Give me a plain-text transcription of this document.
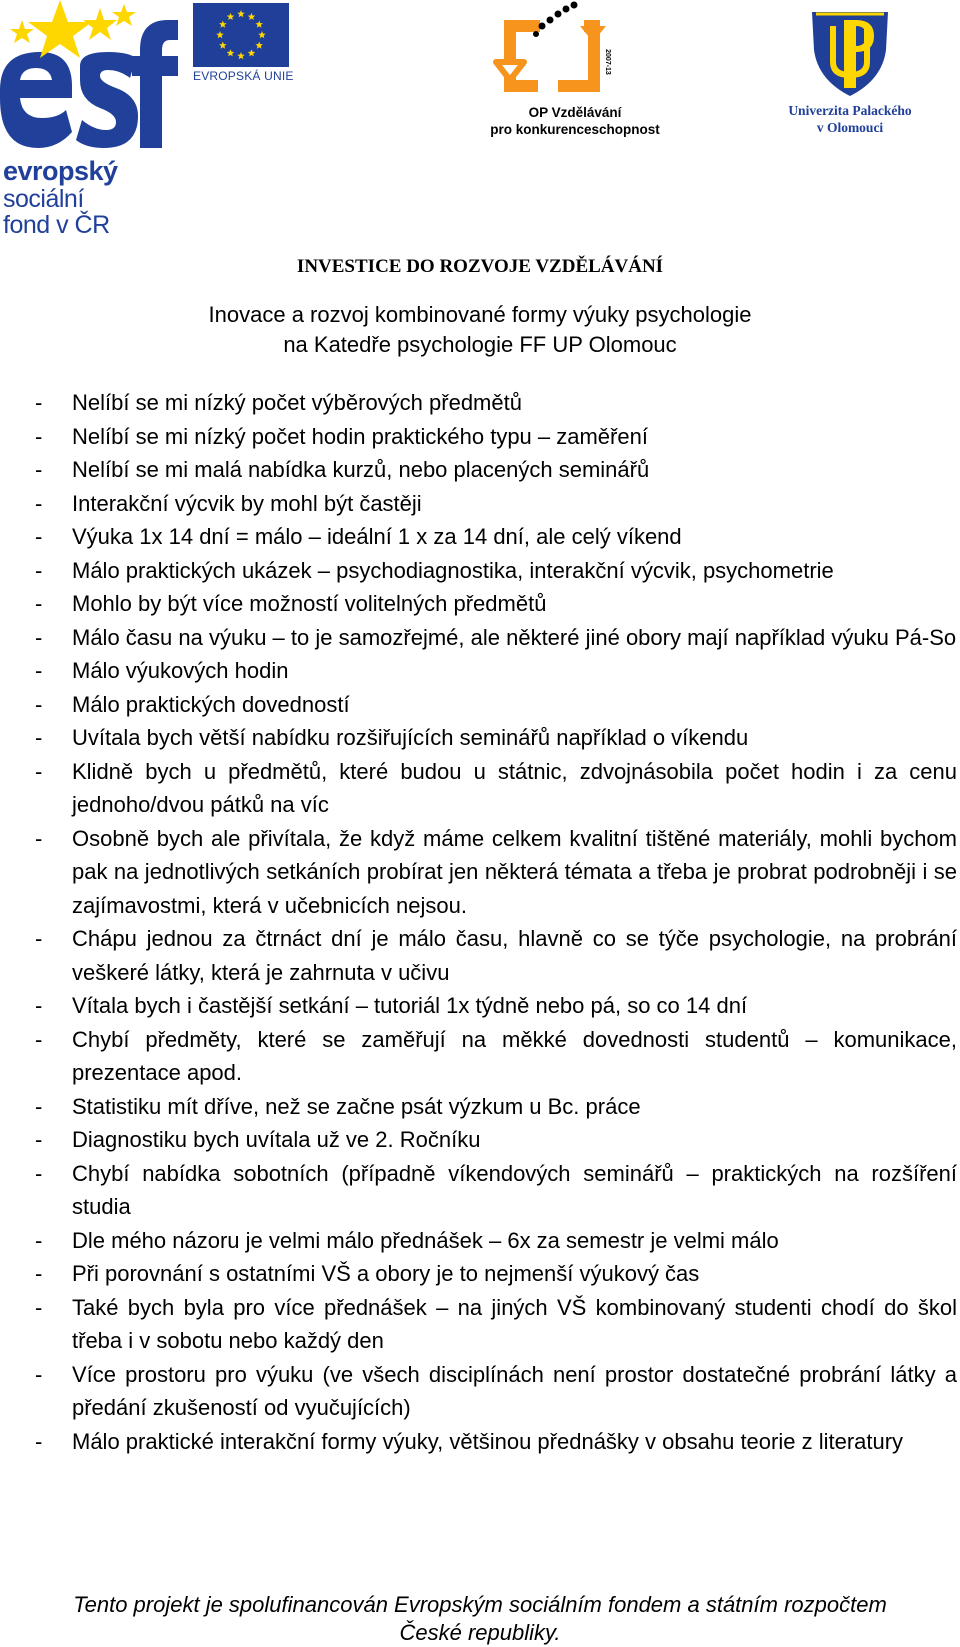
evropský
sociální
fond v ČR
EVROPSKÁ UNIE
2007-13
OP Vzdělávání
pro konkurenceschopnost
Univerzita Palackého
v Olomouci
INVESTICE DO ROZVOJE VZDĚLÁVÁNÍ
Inovace a rozvoj kombinované formy výuky psychologie
na Katedře psychologie FF UP Olomouc
- Nelíbí se mi nízký počet výběrových předmětů
- Nelíbí se mi nízký počet hodin praktického typu – zaměření
- Nelíbí se mi malá nabídka kurzů, nebo placených seminářů
- Interakční výcvik by mohl být častěji
- Výuka 1x 14 dní = málo – ideální 1 x za 14 dní, ale celý víkend
- Málo praktických ukázek – psychodiagnostika, interakční výcvik, psychometrie
- Mohlo by být více možností volitelných předmětů
- Málo času na výuku – to je samozřejmé, ale některé jiné obory mají například výuku Pá-So
- Málo výukových hodin
- Málo praktických dovedností
- Uvítala bych větší nabídku rozšiřujících seminářů například o víkendu
- Klidně bych u předmětů, které budou u státnic, zdvojnásobila počet hodin i za cenu jednoho/dvou pátků na víc
- Osobně bych ale přivítala, že když máme celkem kvalitní tištěné materiály, mohli bychom pak na jednotlivých setkáních probírat jen některá témata a třeba je probrat podrobněji i se zajímavostmi, která v učebnicích nejsou.
- Chápu jednou za čtrnáct dní je málo času, hlavně co se týče psychologie, na probrání veškeré látky, která je zahrnuta v učivu
- Vítala bych i častější setkání – tutoriál 1x týdně nebo pá, so co 14 dní
- Chybí předměty, které se zaměřují na měkké dovednosti studentů – komunikace, prezentace apod.
- Statistiku mít dříve, než se začne psát výzkum u Bc. práce
- Diagnostiku bych uvítala už ve 2. Ročníku
- Chybí nabídka sobotních (případně víkendových seminářů – praktických na rozšíření studia
- Dle mého názoru je velmi málo přednášek – 6x za semestr je velmi málo
- Při porovnání s ostatními VŠ a obory je to nejmenší výukový čas
- Také bych byla pro více přednášek – na jiných VŠ kombinovaný studenti chodí do škol třeba i v sobotu nebo každý den
- Více prostoru pro výuku (ve všech disciplínách není prostor dostatečné probrání látky a předání zkušeností od vyučujících)
- Málo praktické interakční formy výuky, většinou přednášky v obsahu teorie z literatury
Tento projekt je spolufinancován Evropským sociálním fondem a státním rozpočtem
České republiky.
